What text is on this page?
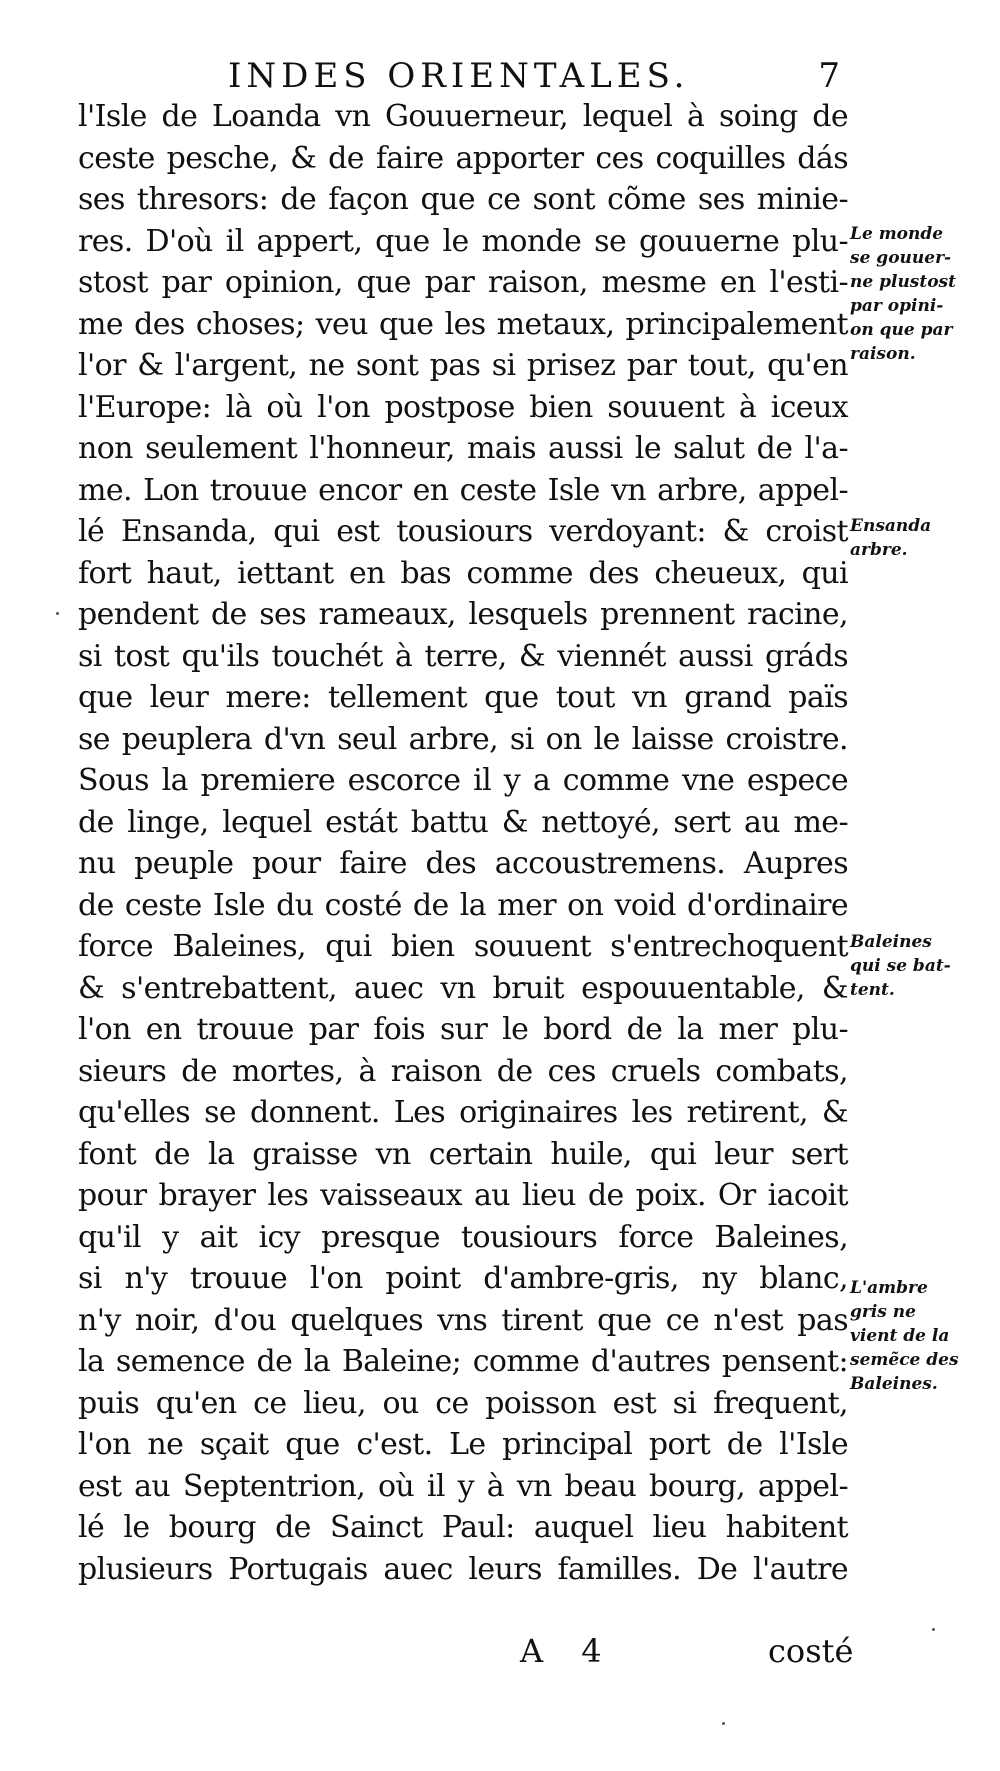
INDES ORIENTALES.	7
l'Isle de Loanda vn Gouuerneur, lequel à soing de
ceste pesche, & de faire apporter ces coquilles dás
ses thresors: de façon que ce sont cõme ses minie-
res. D'où il appert, que le monde se gouuerne plu-
stost par opinion, que par raison, mesme en l'esti-
me des choses; veu que les metaux, principalement
l'or & l'argent, ne sont pas si prisez par tout, qu'en
l'Europe: là où l'on postpose bien souuent à iceux
non seulement l'honneur, mais aussi le salut de l'a-
me. Lon trouue encor en ceste Isle vn arbre, appel-
lé Ensanda, qui est tousiours verdoyant: & croist
fort haut, iettant en bas comme des cheueux, qui
pendent de ses rameaux, lesquels prennent racine,
si tost qu'ils touchét à terre, & viennét aussi gráds
que leur mere: tellement que tout vn grand païs
se peuplera d'vn seul arbre, si on le laisse croistre.
Sous la premiere escorce il y a comme vne espece
de linge, lequel estát battu & nettoyé, sert au me-
nu peuple pour faire des accoustremens. Aupres
de ceste Isle du costé de la mer on void d'ordinaire
force Baleines, qui bien souuent s'entrechoquent
& s'entrebattent, auec vn bruit espouuentable, &
l'on en trouue par fois sur le bord de la mer plu-
sieurs de mortes, à raison de ces cruels combats,
qu'elles se donnent. Les originaires les retirent, &
font de la graisse vn certain huile, qui leur sert
pour brayer les vaisseaux au lieu de poix. Or iacoit
qu'il y ait icy presque tousiours force Baleines,
si n'y trouue l'on point d'ambre-gris, ny blanc,
n'y noir, d'ou quelques vns tirent que ce n'est pas
la semence de la Baleine; comme d'autres pensent:
puis qu'en ce lieu, ou ce poisson est si frequent,
l'on ne sçait que c'est. Le principal port de l'Isle
est au Septentrion, où il y à vn beau bourg, appel-
lé le bourg de Sainct Paul: auquel lieu habitent
plusieurs Portugais auec leurs familles. De l'autre
Le monde
se gouuer-
ne plustost
par opini-
on que par
raison.
Ensanda
arbre.
Baleines
qui se bat-
tent.
L'ambre
gris ne
vient de la
semẽce des
Baleines.
A 4	costé
